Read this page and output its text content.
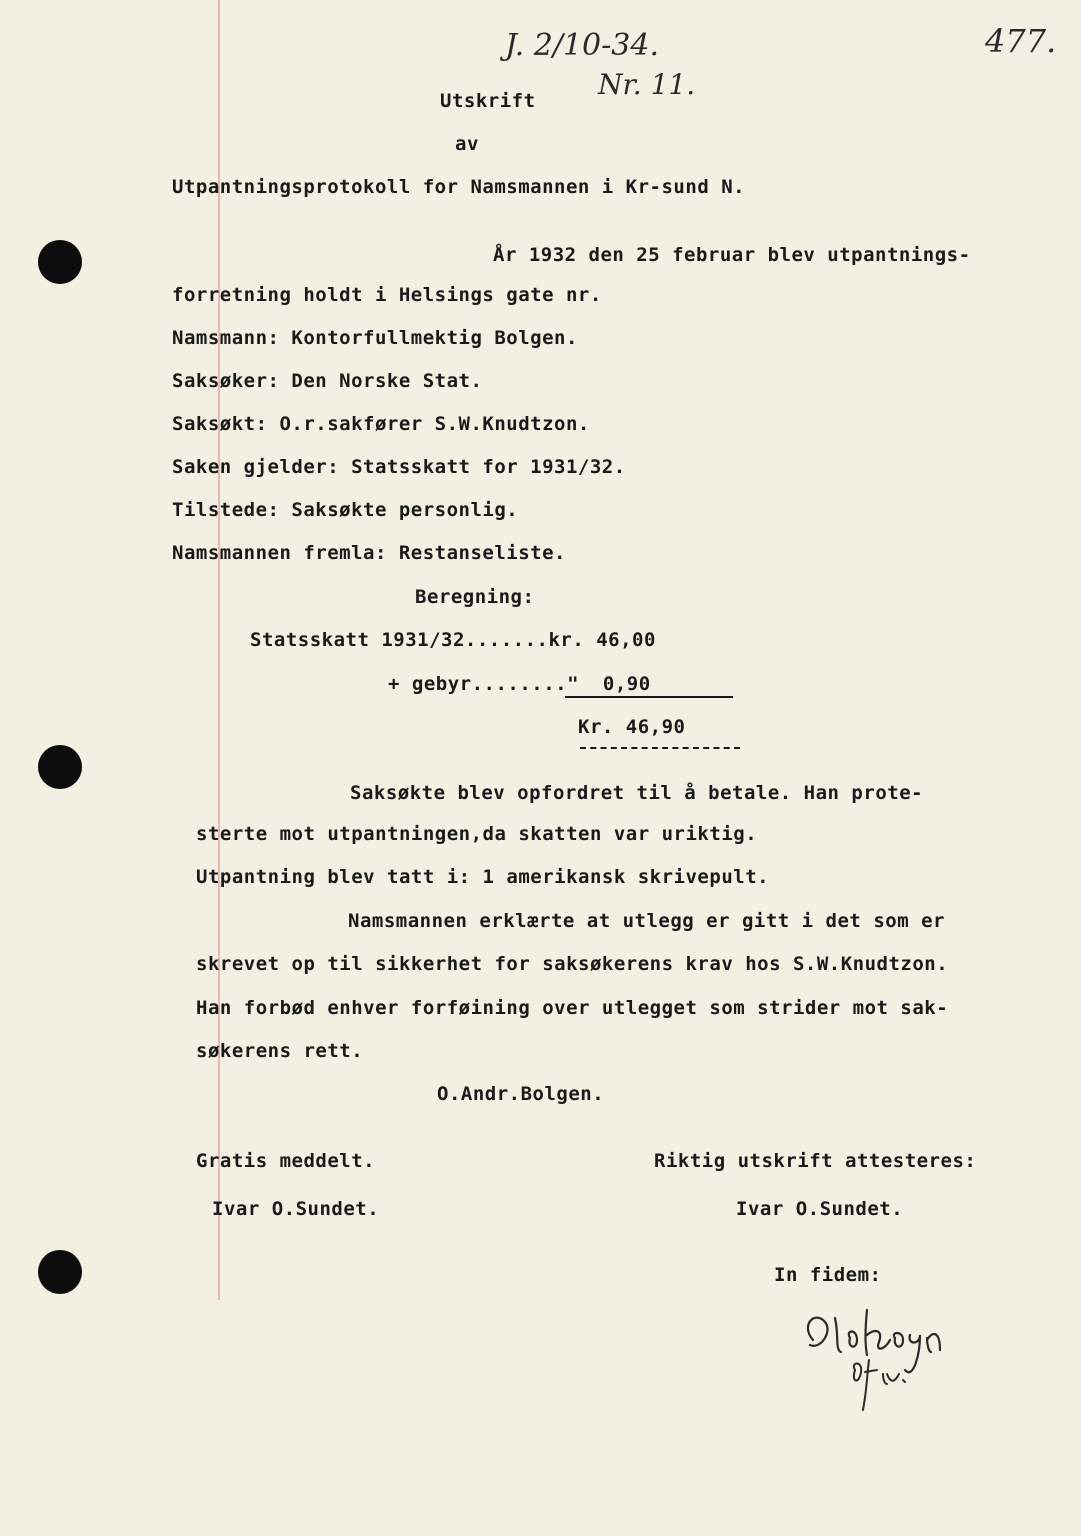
J. 2/10-34.
Nr. 11.
477.
Utskrift
av
Utpantningsprotokoll for Namsmannen i Kr-sund N.
År 1932 den 25 februar blev utpantnings-
forretning holdt i Helsings gate nr.
Namsmann: Kontorfullmektig Bolgen.
Saksøker: Den Norske Stat.
Saksøkt: O.r.sakfører S.W.Knudtzon.
Saken gjelder: Statsskatt for 1931/32.
Tilstede: Saksøkte personlig.
Namsmannen fremla: Restanseliste.
Beregning:
Statsskatt 1931/32.......kr. 46,00
+ gebyr........"  0,90
Kr. 46,90
Saksøkte blev opfordret til å betale. Han prote-
sterte mot utpantningen,da skatten var uriktig.
Utpantning blev tatt i: 1 amerikansk skrivepult.
Namsmannen erklærte at utlegg er gitt i det som er
skrevet op til sikkerhet for saksøkerens krav hos S.W.Knudtzon.
Han forbød enhver forføining over utlegget som strider mot sak-
søkerens rett.
O.Andr.Bolgen.
Gratis meddelt.	Riktig utskrift attesteres:
Ivar O.Sundet.	Ivar O.Sundet.
In fidem:
